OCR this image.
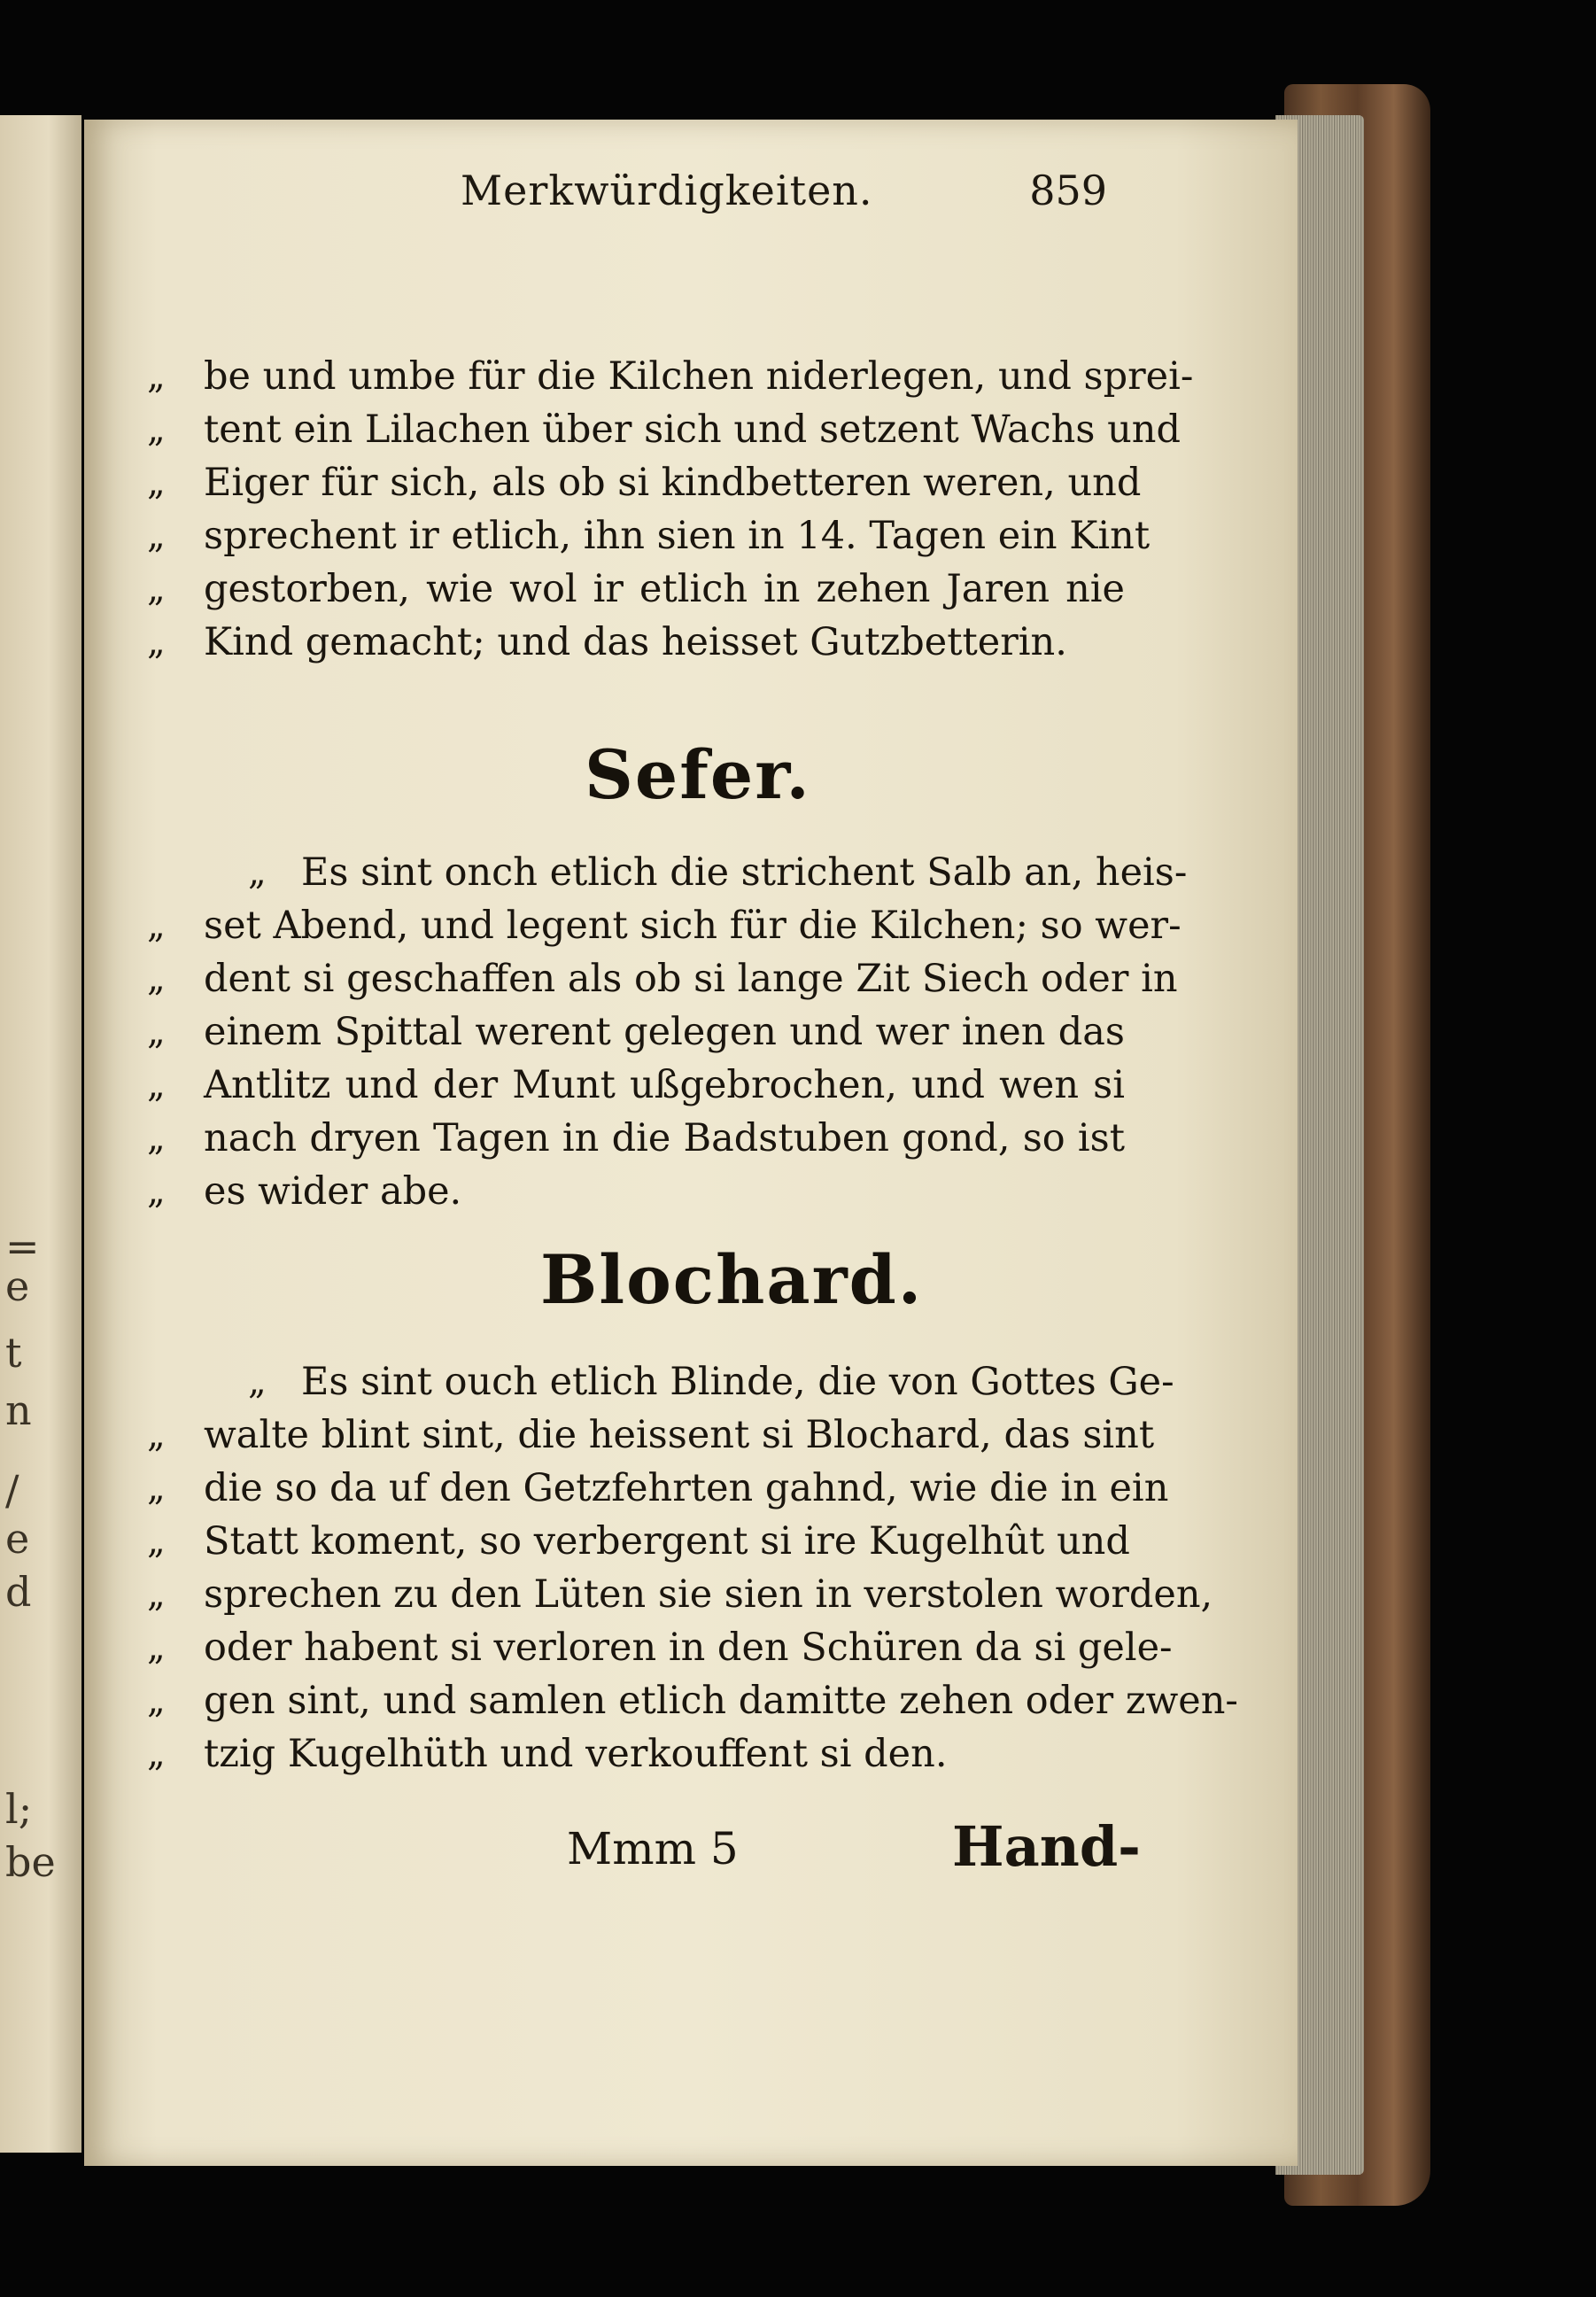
=
e
t
n
/
e
d
l;
be
Merkwürdigkeiten.	859
„	be und umbe für die Kilchen niderlegen, und sprei-
„	tent ein Lilachen über sich und setzent Wachs und
„	Eiger für sich, als ob si kindbetteren weren, und
„	sprechent ir etlich, ihn sien in 14. Tagen ein Kint
„	gestorben, wie wol ir etlich in zehen Jaren nie
„	Kind gemacht; und das heisset Gutzbetterin.
Sefer.
„ Es sint onch etlich die strichent Salb an, heis-
„	set Abend, und legent sich für die Kilchen; so wer-
„	dent si geschaffen als ob si lange Zit Siech oder in
„	einem Spittal werent gelegen und wer inen das
„	Antlitz und der Munt ußgebrochen, und wen si
„	nach dryen Tagen in die Badstuben gond, so ist
„	es wider abe.
Blochard.
„ Es sint ouch etlich Blinde, die von Gottes Ge-
„	walte blint sint, die heissent si Blochard, das sint
„	die so da uf den Getzfehrten gahnd, wie die in ein
„	Statt koment, so verbergent si ire Kugelhût und
„	sprechen zu den Lüten sie sien in verstolen worden,
„	oder habent si verloren in den Schüren da si gele-
„	gen sint, und samlen etlich damitte zehen oder zwen-
„	tzig Kugelhüth und verkouffent si den.
Mmm 5	Hand-
